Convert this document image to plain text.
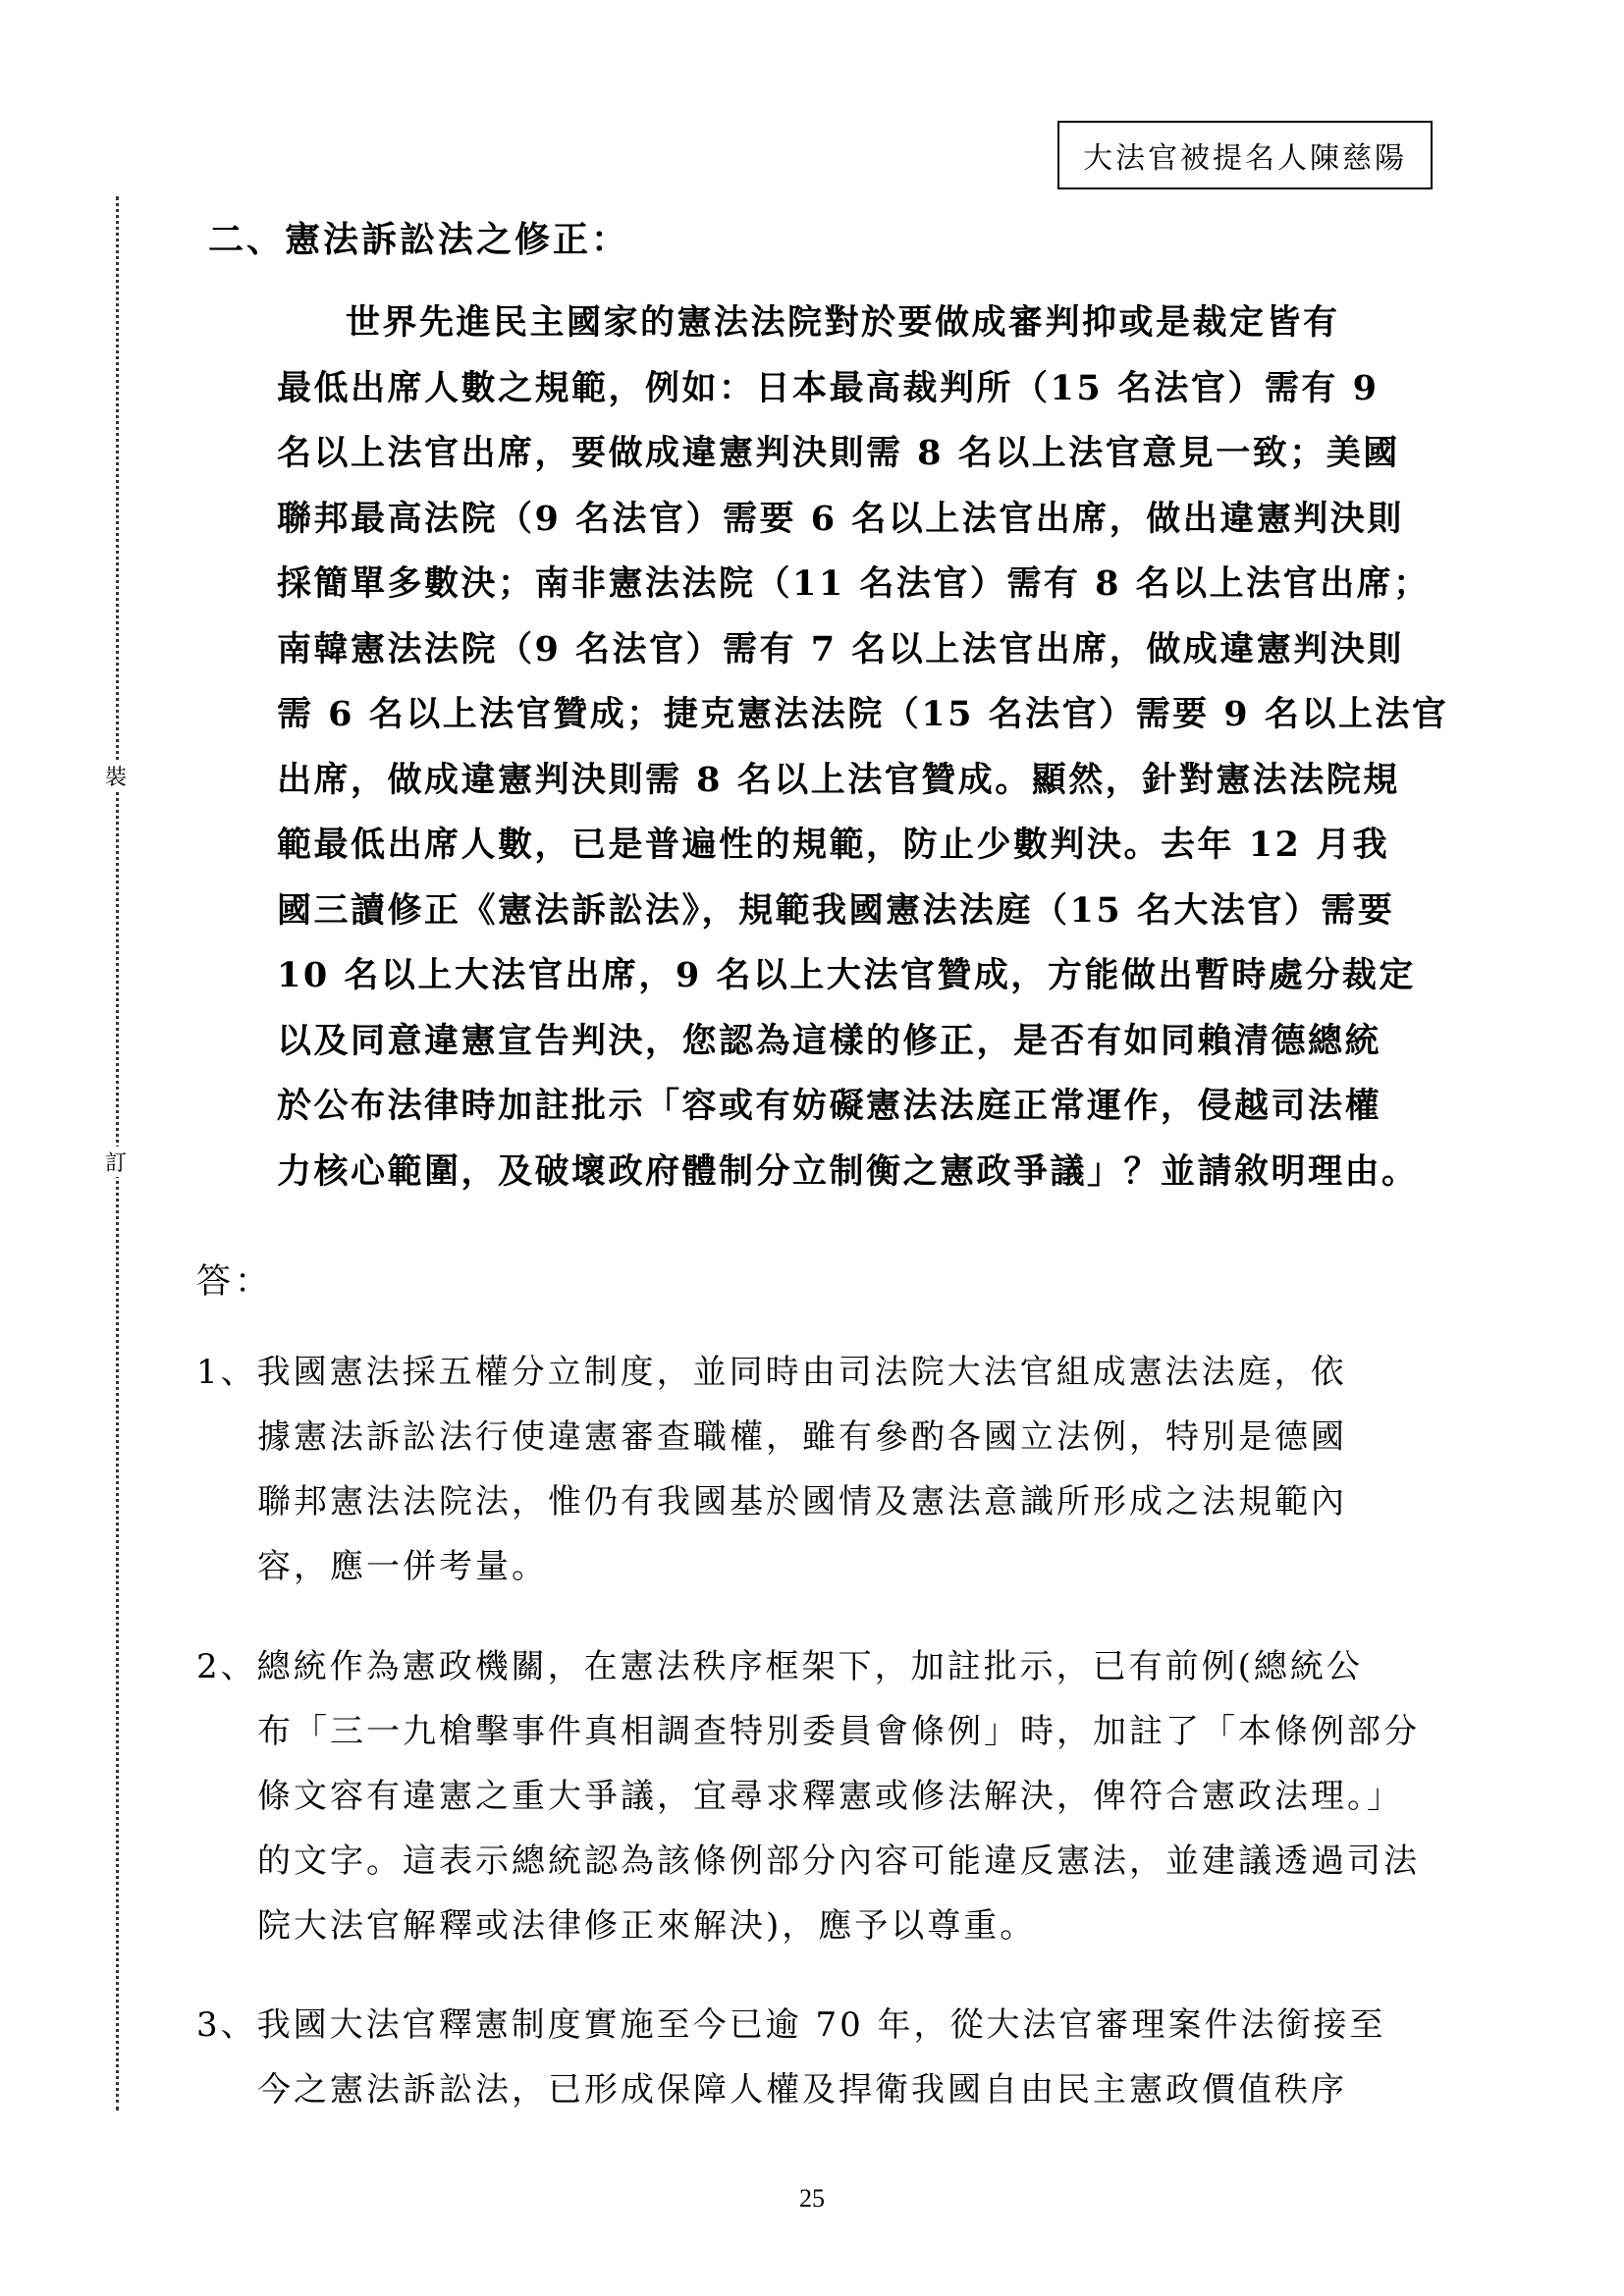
大法官被提名人陳慈陽
裝
訂
二、憲法訴訟法之修正：
世界先進民主國家的憲法法院對於要做成審判抑或是裁定皆有
最低出席人數之規範，例如：日本最高裁判所（15 名法官）需有 9
名以上法官出席，要做成違憲判決則需 8 名以上法官意見一致；美國
聯邦最高法院（9 名法官）需要 6 名以上法官出席，做出違憲判決則
採簡單多數決；南非憲法法院（11 名法官）需有 8 名以上法官出席；
南韓憲法法院（9 名法官）需有 7 名以上法官出席，做成違憲判決則
需 6 名以上法官贊成；捷克憲法法院（15 名法官）需要 9 名以上法官
出席，做成違憲判決則需 8 名以上法官贊成。顯然，針對憲法法院規
範最低出席人數，已是普遍性的規範，防止少數判決。去年 12 月我
國三讀修正《憲法訴訟法》，規範我國憲法法庭（15 名大法官）需要
10 名以上大法官出席，9 名以上大法官贊成，方能做出暫時處分裁定
以及同意違憲宣告判決，您認為這樣的修正，是否有如同賴清德總統
於公布法律時加註批示「容或有妨礙憲法法庭正常運作，侵越司法權
力核心範圍，及破壞政府體制分立制衡之憲政爭議」？並請敘明理由。
答：
1、我國憲法採五權分立制度，並同時由司法院大法官組成憲法法庭，依
據憲法訴訟法行使違憲審查職權，雖有參酌各國立法例，特別是德國
聯邦憲法法院法，惟仍有我國基於國情及憲法意識所形成之法規範內
容，應一併考量。
2、總統作為憲政機關，在憲法秩序框架下，加註批示，已有前例(總統公
布「三一九槍擊事件真相調查特別委員會條例」時，加註了「本條例部分
條文容有違憲之重大爭議，宜尋求釋憲或修法解決，俾符合憲政法理。」
的文字。這表示總統認為該條例部分內容可能違反憲法，並建議透過司法
院大法官解釋或法律修正來解決)，應予以尊重。
3、我國大法官釋憲制度實施至今已逾 70 年，從大法官審理案件法銜接至
今之憲法訴訟法，已形成保障人權及捍衛我國自由民主憲政價值秩序
25
